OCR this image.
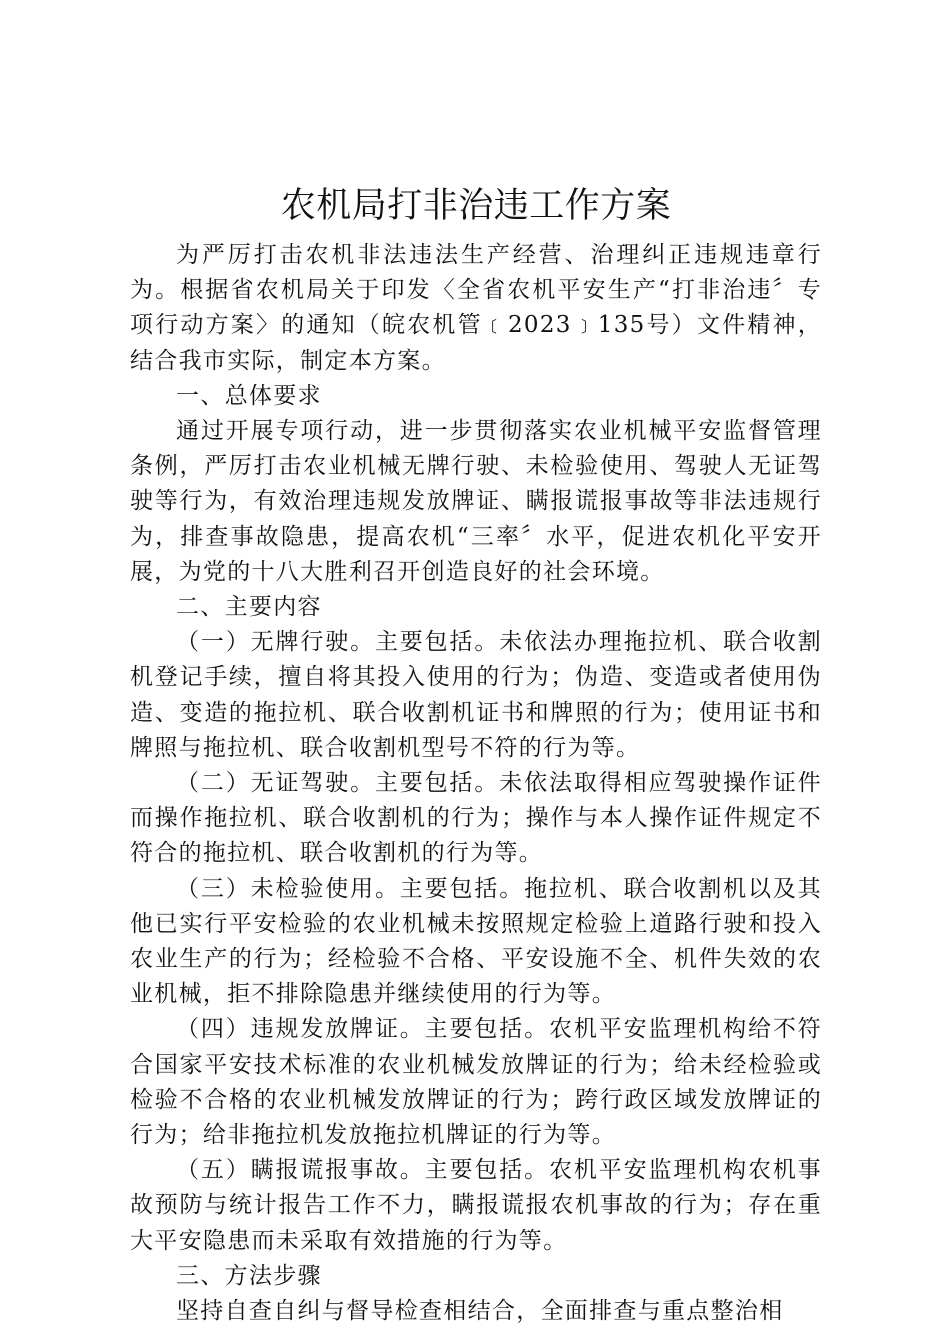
农机局打非治违工作方案

为严厉打击农机非法违法生产经营、治理纠正违规违章行为。根据省农机局关于印发〈全省农机平安生产“打非治违〞专项行动方案〉的通知（皖农机管﹝2023﹞135号）文件精神，结合我市实际，制定本方案。

一、总体要求

通过开展专项行动，进一步贯彻落实农业机械平安监督管理条例，严厉打击农业机械无牌行驶、未检验使用、驾驶人无证驾驶等行为，有效治理违规发放牌证、瞒报谎报事故等非法违规行为，排查事故隐患，提高农机“三率〞水平，促进农机化平安开展，为党的十八大胜利召开创造良好的社会环境。

二、主要内容

（一）无牌行驶。主要包括。未依法办理拖拉机、联合收割机登记手续，擅自将其投入使用的行为；伪造、变造或者使用伪造、变造的拖拉机、联合收割机证书和牌照的行为；使用证书和牌照与拖拉机、联合收割机型号不符的行为等。

（二）无证驾驶。主要包括。未依法取得相应驾驶操作证件而操作拖拉机、联合收割机的行为；操作与本人操作证件规定不符合的拖拉机、联合收割机的行为等。

（三）未检验使用。主要包括。拖拉机、联合收割机以及其他已实行平安检验的农业机械未按照规定检验上道路行驶和投入农业生产的行为；经检验不合格、平安设施不全、机件失效的农业机械，拒不排除隐患并继续使用的行为等。

（四）违规发放牌证。主要包括。农机平安监理机构给不符合国家平安技术标准的农业机械发放牌证的行为；给未经检验或检验不合格的农业机械发放牌证的行为；跨行政区域发放牌证的行为；给非拖拉机发放拖拉机牌证的行为等。

（五）瞒报谎报事故。主要包括。农机平安监理机构农机事故预防与统计报告工作不力，瞒报谎报农机事故的行为；存在重大平安隐患而未采取有效措施的行为等。

三、方法步骤

坚持自查自纠与督导检查相结合，全面排查与重点整治相
